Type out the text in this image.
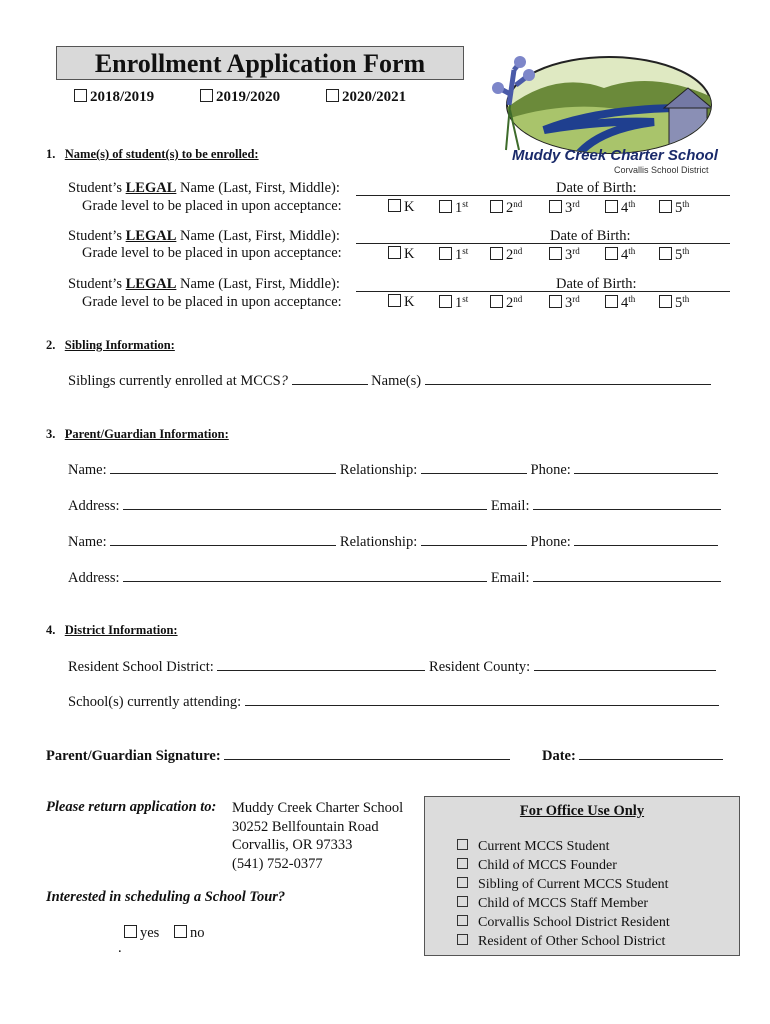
Enrollment Application Form
2018/2019	2019/2020	2020/2021
Muddy Creek Charter School
Corvallis School District
1. Name(s) of student(s) to be enrolled:
Student’s LEGAL Name (Last, First, Middle):	Date of Birth:
Grade level to be placed in upon acceptance:
Student’s LEGAL Name (Last, First, Middle):	Date of Birth:
Grade level to be placed in upon acceptance:
Student’s LEGAL Name (Last, First, Middle):	Date of Birth:
Grade level to be placed in upon acceptance:
K	1st	2nd	3rd	4th	5th
K	1st	2nd	3rd	4th	5th
K	1st	2nd	3rd	4th	5th
2. Sibling Information:
Siblings currently enrolled at MCCS?	Name(s)
3. Parent/Guardian Information:
Name:	Relationship:	Phone:
Address:	Email:
Name:	Relationship:	Phone:
Address:	Email:
4. District Information:
Resident School District:	Resident County:
School(s) currently attending:
Parent/Guardian Signature:	Date:
Please return application to: Muddy Creek Charter School
30252 Bellfountain Road
Corvallis, OR 97333
(541) 752-0377
Interested in scheduling a School Tour?
yes	no
.
For Office Use Only
Current MCCS Student
Child of MCCS Founder
Sibling of Current MCCS Student
Child of MCCS Staff Member
Corvallis School District Resident
Resident of Other School District
